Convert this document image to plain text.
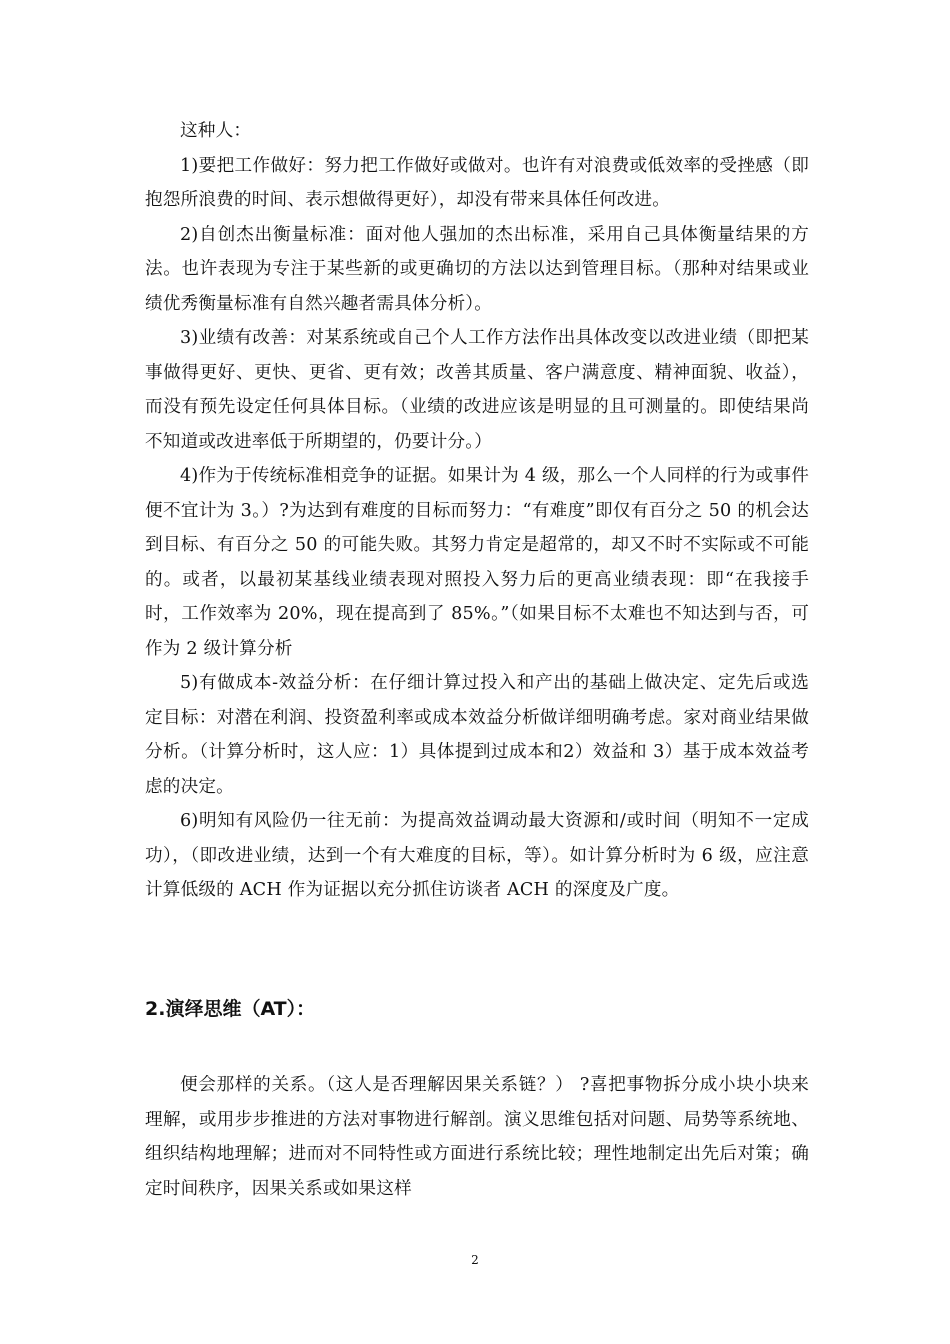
这种人：

1)要把工作做好：努力把工作做好或做对。也许有对浪费或低效率的受挫感（即抱怨所浪费的时间、表示想做得更好），却没有带来具体任何改进。

2)自创杰出衡量标准：面对他人强加的杰出标准，采用自己具体衡量结果的方法。也许表现为专注于某些新的或更确切的方法以达到管理目标。（那种对结果或业绩优秀衡量标准有自然兴趣者需具体分析）。

3)业绩有改善：对某系统或自己个人工作方法作出具体改变以改进业绩（即把某事做得更好、更快、更省、更有效；改善其质量、客户满意度、精神面貌、收益），而没有预先设定任何具体目标。（业绩的改进应该是明显的且可测量的。即使结果尚不知道或改进率低于所期望的，仍要计分。）

4)作为于传统标准相竞争的证据。如果计为 4 级，那么一个人同样的行为或事件便不宜计为 3。）?为达到有难度的目标而努力：“有难度”即仅有百分之 50 的机会达到目标、有百分之 50 的可能失败。其努力肯定是超常的，却又不时不实际或不可能的。或者，以最初某基线业绩表现对照投入努力后的更高业绩表现：即“在我接手时，工作效率为 20%，现在提高到了 85%。”（如果目标不太难也不知达到与否，可作为 2 级计算分析

5)有做成本-效益分析：在仔细计算过投入和产出的基础上做决定、定先后或选定目标：对潜在利润、投资盈利率或成本效益分析做详细明确考虑。家对商业结果做分析。（计算分析时，这人应：1）具体提到过成本和2）效益和 3）基于成本效益考虑的决定。

6)明知有风险仍一往无前：为提高效益调动最大资源和/或时间（明知不一定成功），（即改进业绩，达到一个有大难度的目标，等）。如计算分析时为 6 级，应注意计算低级的 ACH 作为证据以充分抓住访谈者 ACH 的深度及广度。

2.演绎思维（AT）：

便会那样的关系。（这人是否理解因果关系链？） ?喜把事物拆分成小块小块来理解，或用步步推进的方法对事物进行解剖。演义思维包括对问题、局势等系统地、组织结构地理解；进而对不同特性或方面进行系统比较；理性地制定出先后对策；确定时间秩序，因果关系或如果这样

2
